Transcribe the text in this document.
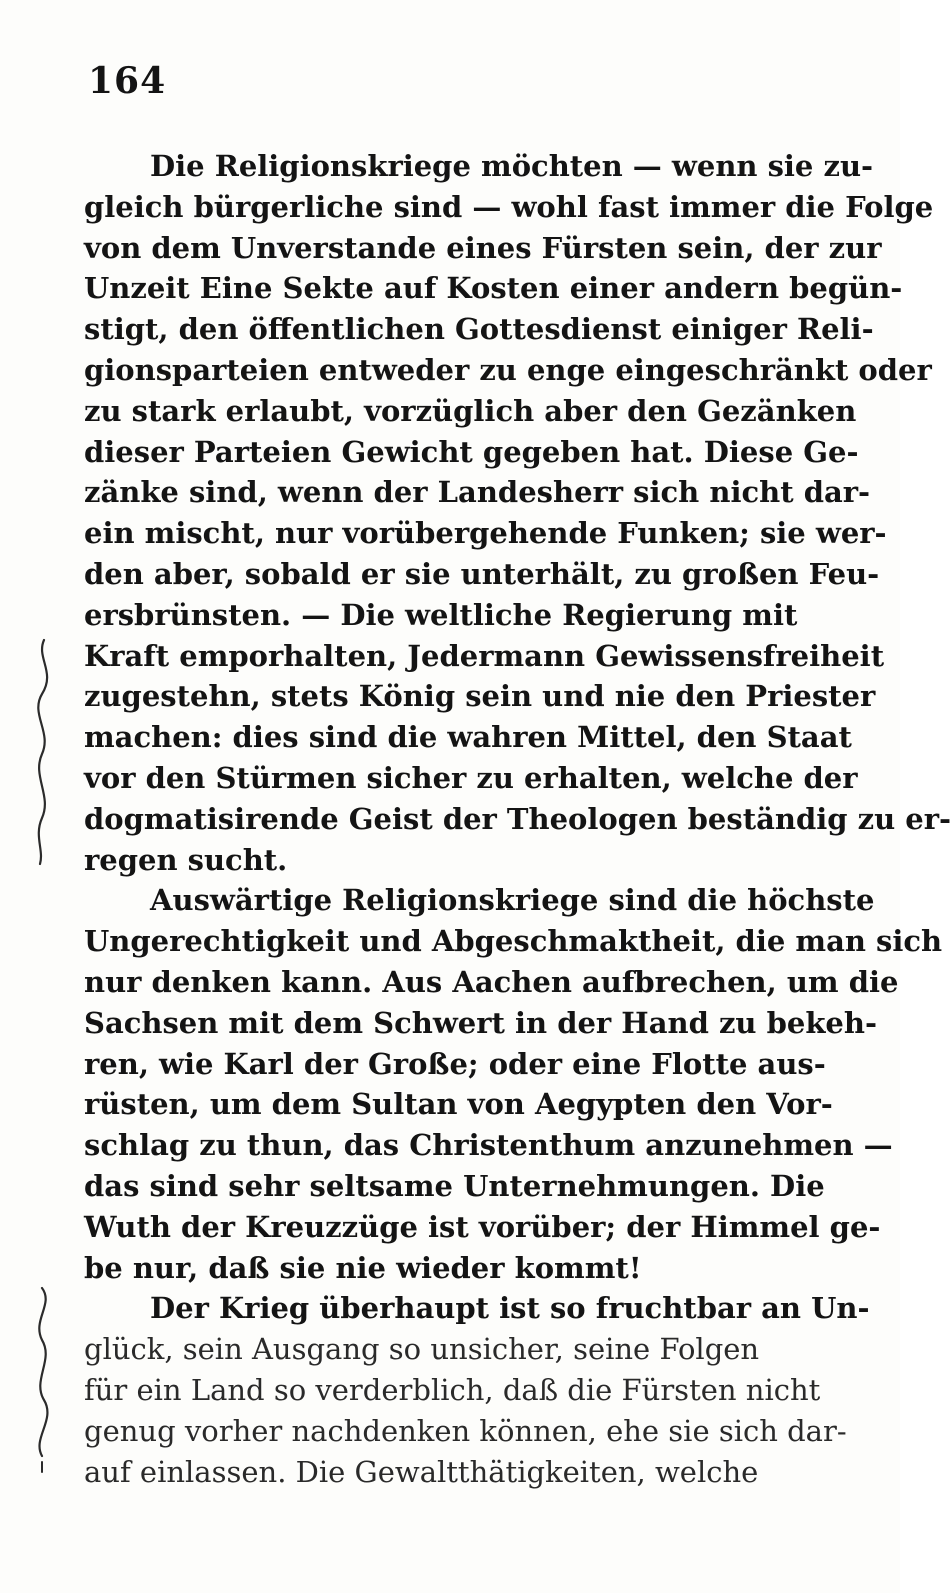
164
Die Religionskriege möchten — wenn sie zu-
gleich bürgerliche sind — wohl fast immer die Folge
von dem Unverstande eines Fürsten sein, der zur
Unzeit Eine Sekte auf Kosten einer andern begün-
stigt, den öffentlichen Gottesdienst einiger Reli-
gionsparteien entweder zu enge eingeschränkt oder
zu stark erlaubt, vorzüglich aber den Gezänken
dieser Parteien Gewicht gegeben hat. Diese Ge-
zänke sind, wenn der Landesherr sich nicht dar-
ein mischt, nur vorübergehende Funken; sie wer-
den aber, sobald er sie unterhält, zu großen Feu-
ersbrünsten. — Die weltliche Regierung mit
Kraft emporhalten, Jedermann Gewissensfreiheit
zugestehn, stets König sein und nie den Priester
machen: dies sind die wahren Mittel, den Staat
vor den Stürmen sicher zu erhalten, welche der
dogmatisirende Geist der Theologen beständig zu er-
regen sucht.
Auswärtige Religionskriege sind die höchste
Ungerechtigkeit und Abgeschmaktheit, die man sich
nur denken kann. Aus Aachen aufbrechen, um die
Sachsen mit dem Schwert in der Hand zu bekeh-
ren, wie Karl der Große; oder eine Flotte aus-
rüsten, um dem Sultan von Aegypten den Vor-
schlag zu thun, das Christenthum anzunehmen —
das sind sehr seltsame Unternehmungen. Die
Wuth der Kreuzzüge ist vorüber; der Himmel ge-
be nur, daß sie nie wieder kommt!
Der Krieg überhaupt ist so fruchtbar an Un-
glück, sein Ausgang so unsicher, seine Folgen
für ein Land so verderblich, daß die Fürsten nicht
genug vorher nachdenken können, ehe sie sich dar-
auf einlassen. Die Gewaltthätigkeiten, welche
